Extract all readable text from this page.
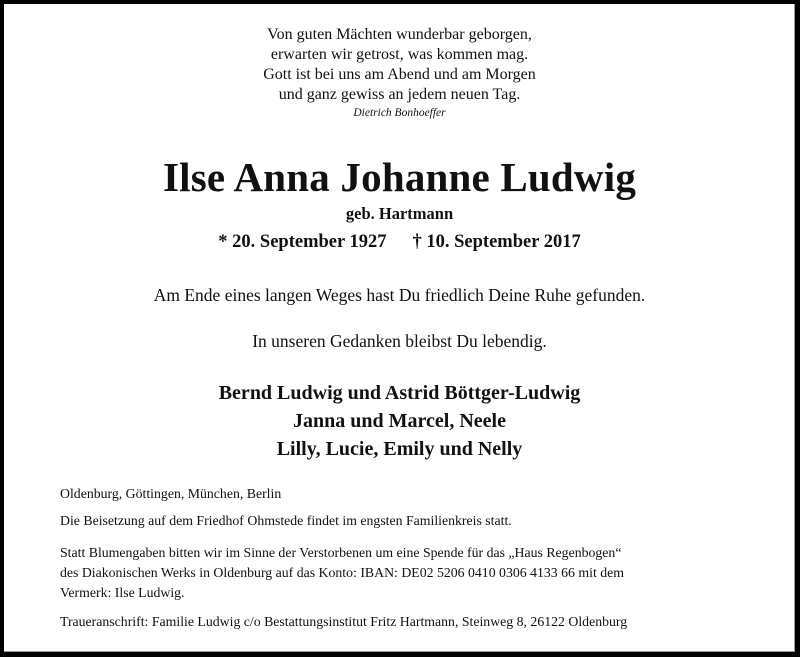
Von guten Mächten wunderbar geborgen,
erwarten wir getrost, was kommen mag.
Gott ist bei uns am Abend und am Morgen
und ganz gewiss an jedem neuen Tag.
Dietrich Bonhoeffer
Ilse Anna Johanne Ludwig
geb. Hartmann
* 20. September 1927 † 10. September 2017
Am Ende eines langen Weges hast Du friedlich Deine Ruhe gefunden.
In unseren Gedanken bleibst Du lebendig.
Bernd Ludwig und Astrid Böttger-Ludwig
Janna und Marcel, Neele
Lilly, Lucie, Emily und Nelly
Oldenburg, Göttingen, München, Berlin
Die Beisetzung auf dem Friedhof Ohmstede findet im engsten Familienkreis statt.
Statt Blumengaben bitten wir im Sinne der Verstorbenen um eine Spende für das „Haus Regenbogen“
des Diakonischen Werks in Oldenburg auf das Konto: IBAN: DE02 5206 0410 0306 4133 66 mit dem
Vermerk: Ilse Ludwig.
Traueranschrift: Familie Ludwig c/o Bestattungsinstitut Fritz Hartmann, Steinweg 8, 26122 Oldenburg
